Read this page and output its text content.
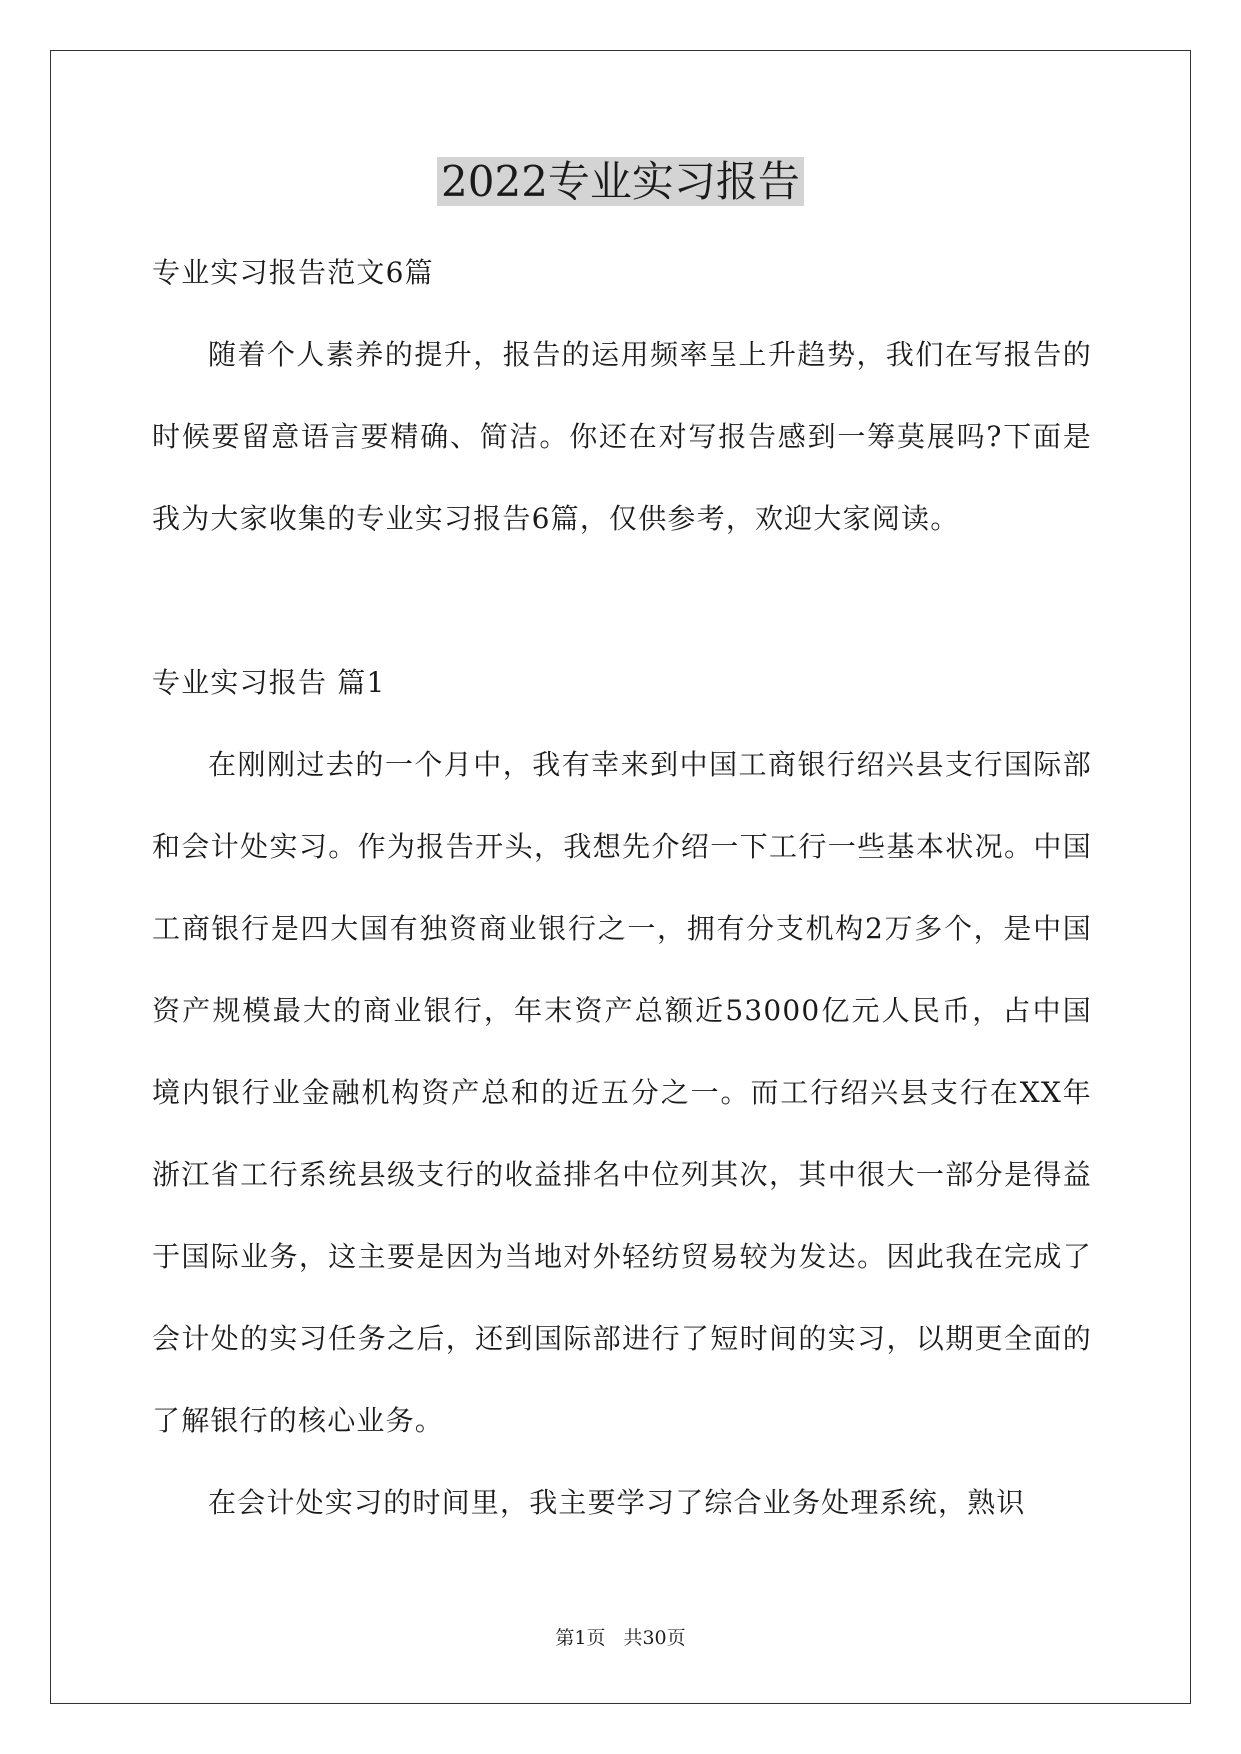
2022专业实习报告

专业实习报告范文6篇

随着个人素养的提升，报告的运用频率呈上升趋势，我们在写报告的时候要留意语言要精确、简洁。你还在对写报告感到一筹莫展吗?下面是我为大家收集的专业实习报告6篇，仅供参考，欢迎大家阅读。

专业实习报告 篇1

在刚刚过去的一个月中，我有幸来到中国工商银行绍兴县支行国际部和会计处实习。作为报告开头，我想先介绍一下工行一些基本状况。中国工商银行是四大国有独资商业银行之一，拥有分支机构2万多个，是中国资产规模最大的商业银行，年末资产总额近53000亿元人民币，占中国境内银行业金融机构资产总和的近五分之一。而工行绍兴县支行在XX年浙江省工行系统县级支行的收益排名中位列其次，其中很大一部分是得益于国际业务，这主要是因为当地对外轻纺贸易较为发达。因此我在完成了会计处的实习任务之后，还到国际部进行了短时间的实习，以期更全面的了解银行的核心业务。

在会计处实习的时间里，我主要学习了综合业务处理系统，熟识

第1页 共30页
